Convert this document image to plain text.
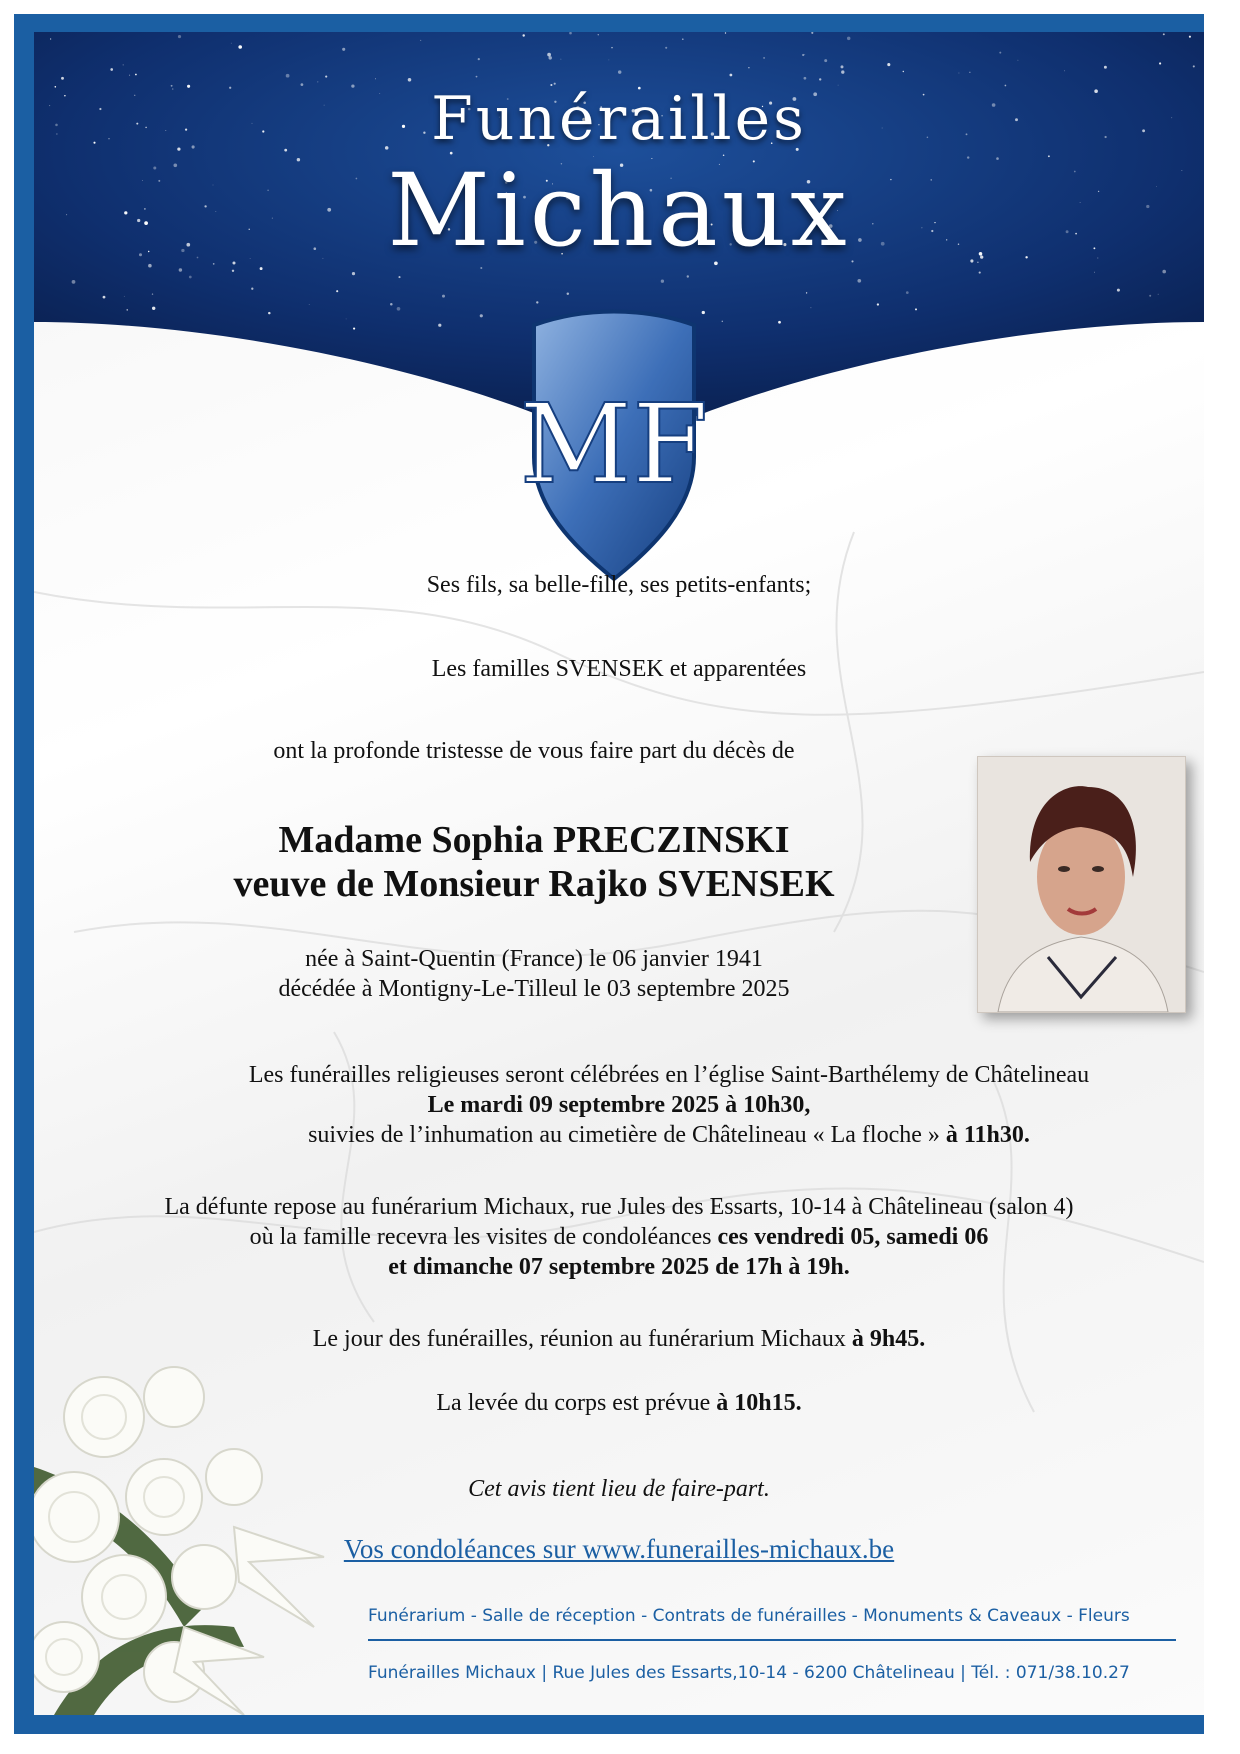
Funérailles
Michaux
MF
Ses fils, sa belle-fille, ses petits-enfants;
Les familles SVENSEK et apparentées
ont la profonde tristesse de vous faire part du décès de
Madame Sophia PRECZINSKI
veuve de Monsieur Rajko SVENSEK
née à Saint-Quentin (France) le 06 janvier 1941
décédée à Montigny-Le-Tilleul le 03 septembre 2025
Les funérailles religieuses seront célébrées en l’église Saint-Barthélemy de Châtelineau
Le mardi 09 septembre 2025 à 10h30,
suivies de l’inhumation au cimetière de Châtelineau « La floche » à 11h30.
La défunte repose au funérarium Michaux, rue Jules des Essarts, 10-14 à Châtelineau (salon 4)
où la famille recevra les visites de condoléances ces vendredi 05, samedi 06
et dimanche 07 septembre 2025 de 17h à 19h.
Le jour des funérailles, réunion au funérarium Michaux à 9h45.
La levée du corps est prévue à 10h15.
Cet avis tient lieu de faire-part.
Vos condoléances sur www.funerailles-michaux.be
Funérarium - Salle de réception - Contrats de funérailles - Monuments & Caveaux - Fleurs
Funérailles Michaux | Rue Jules des Essarts,10-14 - 6200 Châtelineau | Tél. : 071/38.10.27
